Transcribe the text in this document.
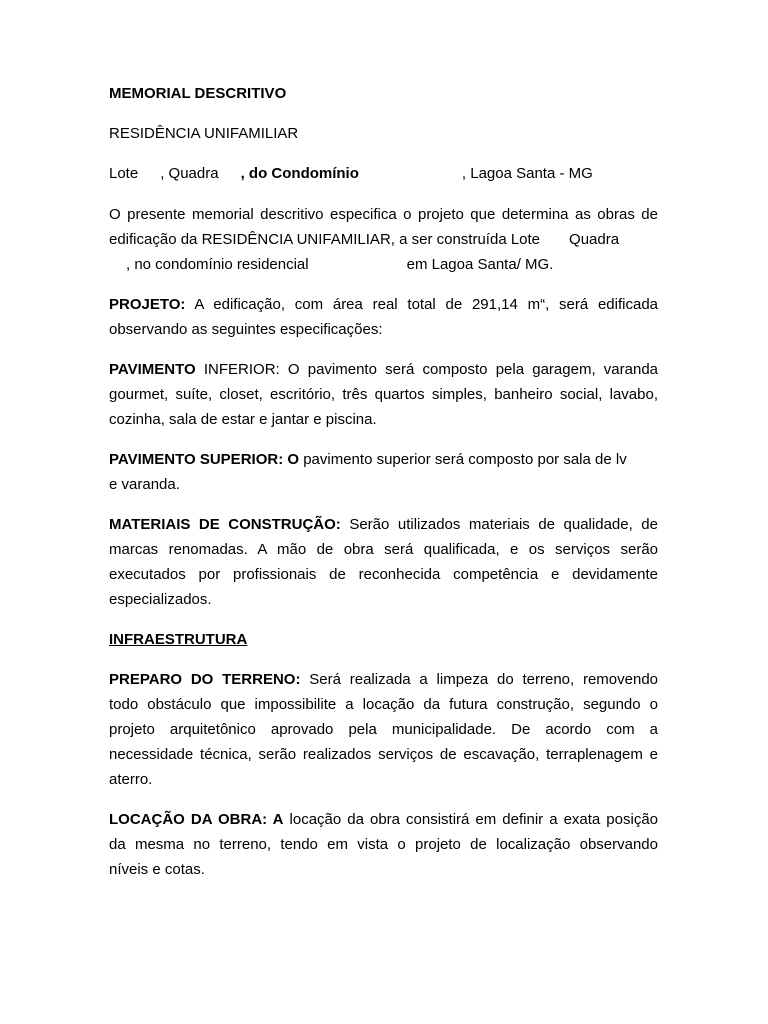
MEMORIAL DESCRITIVO
RESIDÊNCIA UNIFAMILIAR
Lote , Quadra , do Condomínio	, Lagoa Santa - MG
O presente memorial descritivo especifica o projeto que determina as obras de
edificação da RESIDÊNCIA UNIFAMILIAR, a ser construída Lote Quadra
, no condomínio residencial	em Lagoa Santa/ MG.
PROJETO: A edificação, com área real total de 291,14 m“, será edificada
observando as seguintes especificações:
PAVIMENTO INFERIOR: O pavimento será composto pela garagem, varanda
gourmet, suíte, closet, escritório, três quartos simples, banheiro social, lavabo,
cozinha, sala de estar e jantar e piscina.
PAVIMENTO SUPERIOR: O pavimento superior será composto por sala de lv
e varanda.
MATERIAIS DE CONSTRUÇÃO: Serão utilizados materiais de qualidade, de
marcas renomadas. A mão de obra será qualificada, e os serviços serão
executados por profissionais de reconhecida competência e devidamente
especializados.
INFRAESTRUTURA
PREPARO DO TERRENO: Será realizada a limpeza do terreno, removendo
todo obstáculo que impossibilite a locação da futura construção, segundo o
projeto arquitetônico aprovado pela municipalidade. De acordo com a
necessidade técnica, serão realizados serviços de escavação, terraplenagem e
aterro.
LOCAÇÃO DA OBRA: A locação da obra consistirá em definir a exata posição
da mesma no terreno, tendo em vista o projeto de localização observando
níveis e cotas.
